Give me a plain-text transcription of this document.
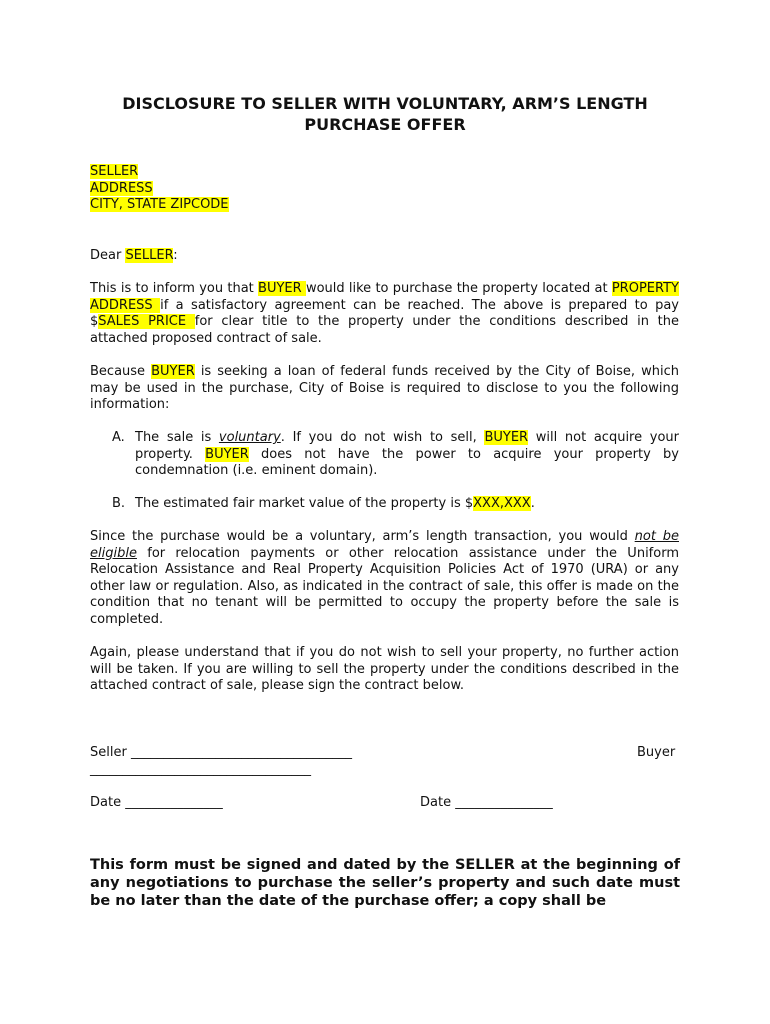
DISCLOSURE TO SELLER WITH VOLUNTARY, ARM’S LENGTH PURCHASE OFFER
SELLER
ADDRESS
CITY, STATE ZIPCODE
Dear SELLER:
This is to inform you that BUYER would like to purchase the property located at PROPERTY ADDRESS if a satisfactory agreement can be reached. The above is prepared to pay $SALES PRICE for clear title to the property under the conditions described in the attached proposed contract of sale.
Because BUYER is seeking a loan of federal funds received by the City of Boise, which may be used in the purchase, City of Boise is required to disclose to you the following information:
A. The sale is voluntary. If you do not wish to sell, BUYER will not acquire your property. BUYER does not have the power to acquire your property by condemnation (i.e. eminent domain).
B. The estimated fair market value of the property is $XXX,XXX.
Since the purchase would be a voluntary, arm’s length transaction, you would not be eligible for relocation payments or other relocation assistance under the Uniform Relocation Assistance and Real Property Acquisition Policies Act of 1970 (URA) or any other law or regulation. Also, as indicated in the contract of sale, this offer is made on the condition that no tenant will be permitted to occupy the property before the sale is completed.
Again, please understand that if you do not wish to sell your property, no further action will be taken. If you are willing to sell the property under the conditions described in the attached contract of sale, please sign the contract below.
Seller __________________________________	Buyer
__________________________________
Date _______________	Date _______________
This form must be signed and dated by the SELLER at the beginning of any negotiations to purchase the seller’s property and such date must be no later than the date of the purchase offer; a copy shall be
